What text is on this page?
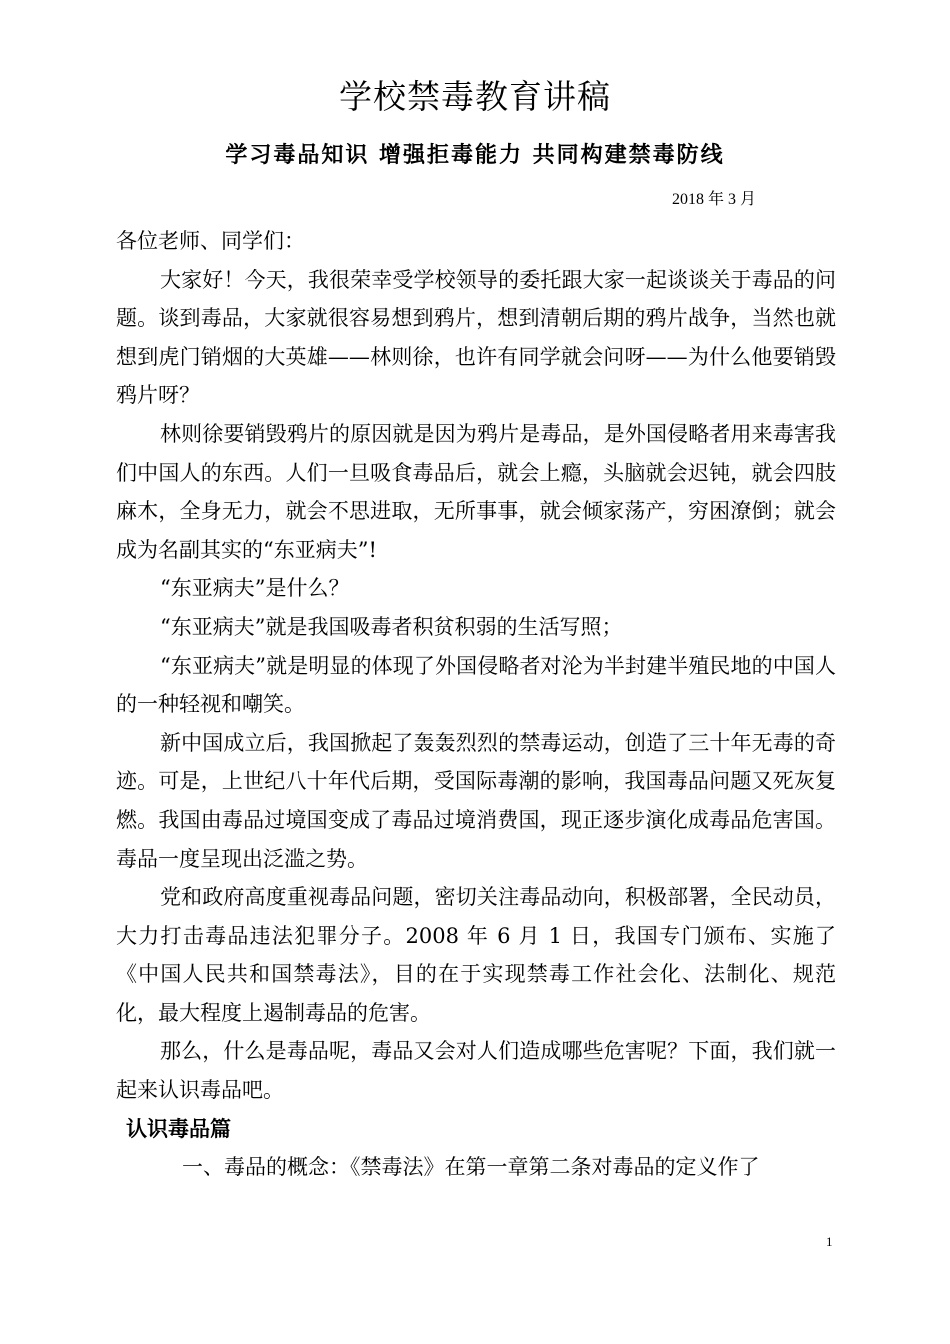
学校禁毒教育讲稿
学习毒品知识 增强拒毒能力 共同构建禁毒防线
2018 年 3 月

各位老师、同学们：

大家好！今天，我很荣幸受学校领导的委托跟大家一起谈谈关于毒品的问题。谈到毒品，大家就很容易想到鸦片，想到清朝后期的鸦片战争，当然也就想到虎门销烟的大英雄——林则徐，也许有同学就会问呀——为什么他要销毁鸦片呀？

林则徐要销毁鸦片的原因就是因为鸦片是毒品，是外国侵略者用来毒害我们中国人的东西。人们一旦吸食毒品后，就会上瘾，头脑就会迟钝，就会四肢麻木，全身无力，就会不思进取，无所事事，就会倾家荡产，穷困潦倒；就会成为名副其实的“东亚病夫”!

“东亚病夫”是什么？

“东亚病夫”就是我国吸毒者积贫积弱的生活写照；

“东亚病夫”就是明显的体现了外国侵略者对沦为半封建半殖民地的中国人的一种轻视和嘲笑。

新中国成立后，我国掀起了轰轰烈烈的禁毒运动，创造了三十年无毒的奇迹。可是，上世纪八十年代后期，受国际毒潮的影响，我国毒品问题又死灰复燃。我国由毒品过境国变成了毒品过境消费国，现正逐步演化成毒品危害国。毒品一度呈现出泛滥之势。

党和政府高度重视毒品问题，密切关注毒品动向，积极部署，全民动员，大力打击毒品违法犯罪分子。2008 年 6 月 1 日，我国专门颁布、实施了《中国人民共和国禁毒法》，目的在于实现禁毒工作社会化、法制化、规范化，最大程度上遏制毒品的危害。

那么，什么是毒品呢，毒品又会对人们造成哪些危害呢？下面，我们就一起来认识毒品吧。

认识毒品篇

一、毒品的概念：《禁毒法》在第一章第二条对毒品的定义作了

1
